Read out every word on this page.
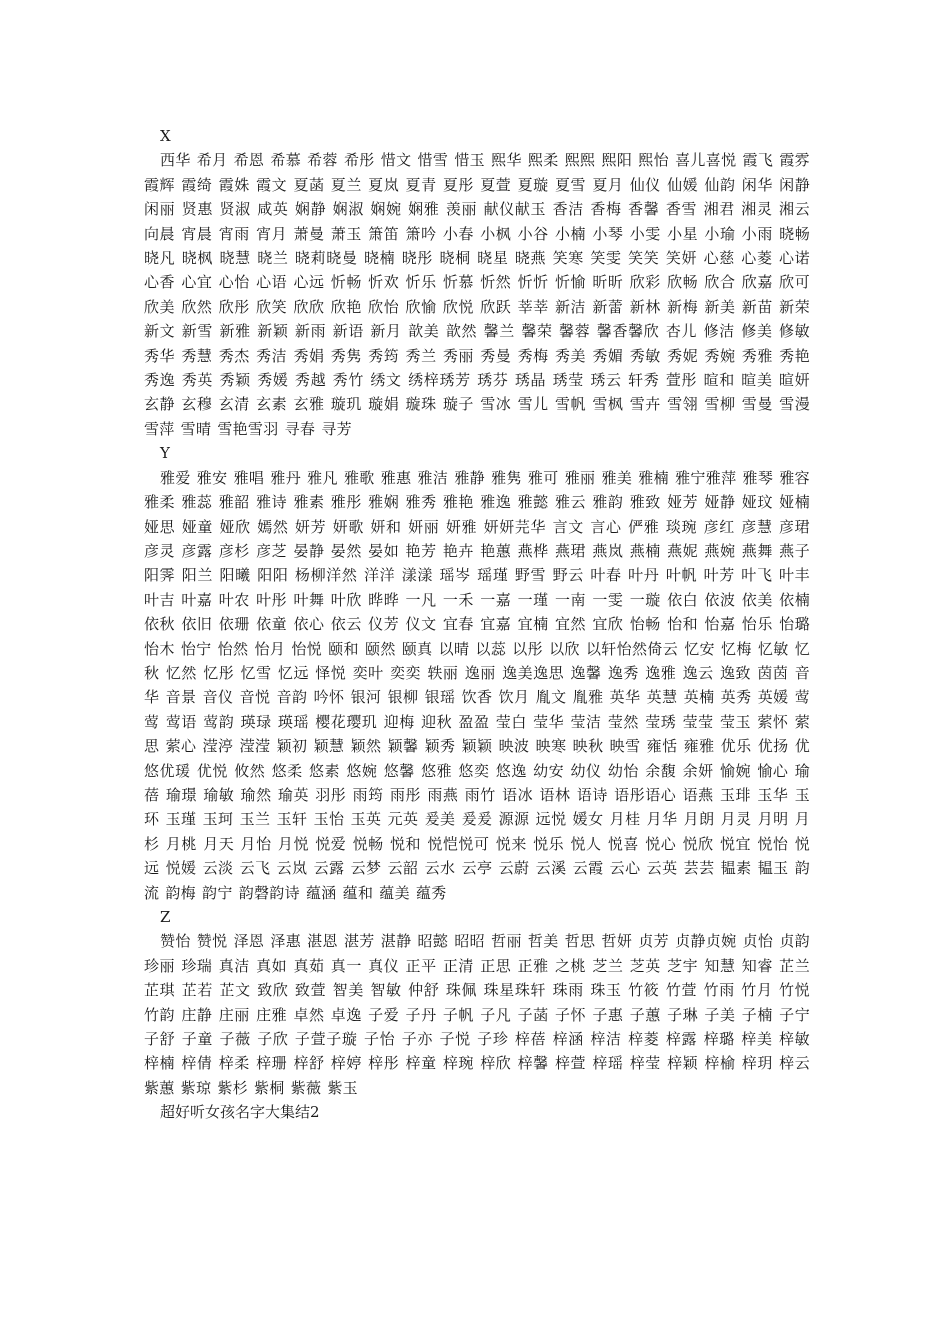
X
西华 希月 希恩 希慕 希蓉 希彤 惜文 惜雪 惜玉 熙华 熙柔 熙熙 熙阳 熙怡 喜儿喜悦 霞飞 霞雰 霞辉 霞绮 霞姝 霞文 夏菡 夏兰 夏岚 夏青 夏彤 夏萱 夏璇 夏雪 夏月 仙仪 仙媛 仙韵 闲华 闲静 闲丽 贤惠 贤淑 咸英 娴静 娴淑 娴婉 娴雅 羡丽 献仪献玉 香洁 香梅 香馨 香雪 湘君 湘灵 湘云 向晨 宵晨 宵雨 宵月 萧曼 萧玉 箫笛 箫吟 小春 小枫 小谷 小楠 小琴 小雯 小星 小瑜 小雨 晓畅 晓凡 晓枫 晓慧 晓兰 晓莉晓曼 晓楠 晓彤 晓桐 晓星 晓燕 笑寒 笑雯 笑笑 笑妍 心慈 心菱 心诺 心香 心宜 心怡 心语 心远 忻畅 忻欢 忻乐 忻慕 忻然 忻忻 忻愉 昕昕 欣彩 欣畅 欣合 欣嘉 欣可欣美 欣然 欣彤 欣笑 欣欣 欣艳 欣怡 欣愉 欣悦 欣跃 莘莘 新洁 新蕾 新林 新梅 新美 新苗 新荣 新文 新雪 新雅 新颖 新雨 新语 新月 歆美 歆然 馨兰 馨荣 馨蓉 馨香馨欣 杏儿 修洁 修美 修敏 秀华 秀慧 秀杰 秀洁 秀娟 秀隽 秀筠 秀兰 秀丽 秀曼 秀梅 秀美 秀媚 秀敏 秀妮 秀婉 秀雅 秀艳 秀逸 秀英 秀颖 秀媛 秀越 秀竹 绣文 绣梓琇芳 琇芬 琇晶 琇莹 琇云 轩秀 萱彤 暄和 暄美 暄妍 玄静 玄穆 玄清 玄素 玄雅 璇玑 璇娟 璇珠 璇子 雪冰 雪儿 雪帆 雪枫 雪卉 雪翎 雪柳 雪曼 雪漫 雪萍 雪晴 雪艳雪羽 寻春 寻芳
Y
雅爱 雅安 雅唱 雅丹 雅凡 雅歌 雅惠 雅洁 雅静 雅隽 雅可 雅丽 雅美 雅楠 雅宁雅萍 雅琴 雅容 雅柔 雅蕊 雅韶 雅诗 雅素 雅彤 雅娴 雅秀 雅艳 雅逸 雅懿 雅云 雅韵 雅致 娅芳 娅静 娅玟 娅楠 娅思 娅童 娅欣 嫣然 妍芳 妍歌 妍和 妍丽 妍雅 妍妍芫华 言文 言心 俨雅 琰琬 彦红 彦慧 彦珺 彦灵 彦露 彦杉 彦芝 晏静 晏然 晏如 艳芳 艳卉 艳蕙 燕桦 燕珺 燕岚 燕楠 燕妮 燕婉 燕舞 燕子 阳霁 阳兰 阳曦 阳阳 杨柳洋然 洋洋 漾漾 瑶岑 瑶瑾 野雪 野云 叶春 叶丹 叶帆 叶芳 叶飞 叶丰 叶吉 叶嘉 叶农 叶彤 叶舞 叶欣 晔晔 一凡 一禾 一嘉 一瑾 一南 一雯 一璇 依白 依波 依美 依楠依秋 依旧 依珊 依童 依心 依云 仪芳 仪文 宜春 宜嘉 宜楠 宜然 宜欣 怡畅 怡和 怡嘉 怡乐 怡璐 怡木 怡宁 怡然 怡月 怡悦 颐和 颐然 颐真 以晴 以蕊 以彤 以欣 以轩怡然倚云 忆安 忆梅 忆敏 忆秋 忆然 忆彤 忆雪 忆远 怿悦 奕叶 奕奕 轶丽 逸丽 逸美逸思 逸馨 逸秀 逸雅 逸云 逸致 茵茵 音华 音景 音仪 音悦 音韵 吟怀 银河 银柳 银瑶 饮香 饮月 胤文 胤雅 英华 英慧 英楠 英秀 英媛 莺莺 莺语 莺韵 瑛琭 瑛瑶 樱花璎玑 迎梅 迎秋 盈盈 莹白 莹华 莹洁 莹然 莹琇 莹莹 莹玉 萦怀 萦思 萦心 滢渟 滢滢 颖初 颖慧 颖然 颖馨 颖秀 颖颖 映波 映寒 映秋 映雪 雍恬 雍雅 优乐 优扬 优悠优瑗 优悦 攸然 悠柔 悠素 悠婉 悠馨 悠雅 悠奕 悠逸 幼安 幼仪 幼怡 余馥 余妍 愉婉 愉心 瑜蓓 瑜璟 瑜敏 瑜然 瑜英 羽彤 雨筠 雨彤 雨燕 雨竹 语冰 语林 语诗 语彤语心 语燕 玉琲 玉华 玉环 玉瑾 玉珂 玉兰 玉轩 玉怡 玉英 元英 爰美 爰爰 源源 远悦 媛女 月桂 月华 月朗 月灵 月明 月杉 月桃 月天 月怡 月悦 悦爱 悦畅 悦和 悦恺悦可 悦来 悦乐 悦人 悦喜 悦心 悦欣 悦宜 悦怡 悦远 悦媛 云淡 云飞 云岚 云露 云梦 云韶 云水 云亭 云蔚 云溪 云霞 云心 云英 芸芸 韫素 韫玉 韵流 韵梅 韵宁 韵磬韵诗 蕴涵 蕴和 蕴美 蕴秀
Z
赞怡 赞悦 泽恩 泽惠 湛恩 湛芳 湛静 昭懿 昭昭 哲丽 哲美 哲思 哲妍 贞芳 贞静贞婉 贞怡 贞韵 珍丽 珍瑞 真洁 真如 真茹 真一 真仪 正平 正清 正思 正雅 之桃 芝兰 芝英 芝宇 知慧 知睿 芷兰 芷琪 芷若 芷文 致欣 致萱 智美 智敏 仲舒 珠佩 珠星珠轩 珠雨 珠玉 竹筱 竹萱 竹雨 竹月 竹悦 竹韵 庄静 庄丽 庄雅 卓然 卓逸 子爱 子丹 子帆 子凡 子菡 子怀 子惠 子蕙 子琳 子美 子楠 子宁 子舒 子童 子薇 子欣 子萱子璇 子怡 子亦 子悦 子珍 梓蓓 梓涵 梓洁 梓菱 梓露 梓璐 梓美 梓敏 梓楠 梓倩 梓柔 梓珊 梓舒 梓婷 梓彤 梓童 梓琬 梓欣 梓馨 梓萱 梓瑶 梓莹 梓颖 梓榆 梓玥 梓云紫蕙 紫琼 紫杉 紫桐 紫薇 紫玉
超好听女孩名字大集结2
